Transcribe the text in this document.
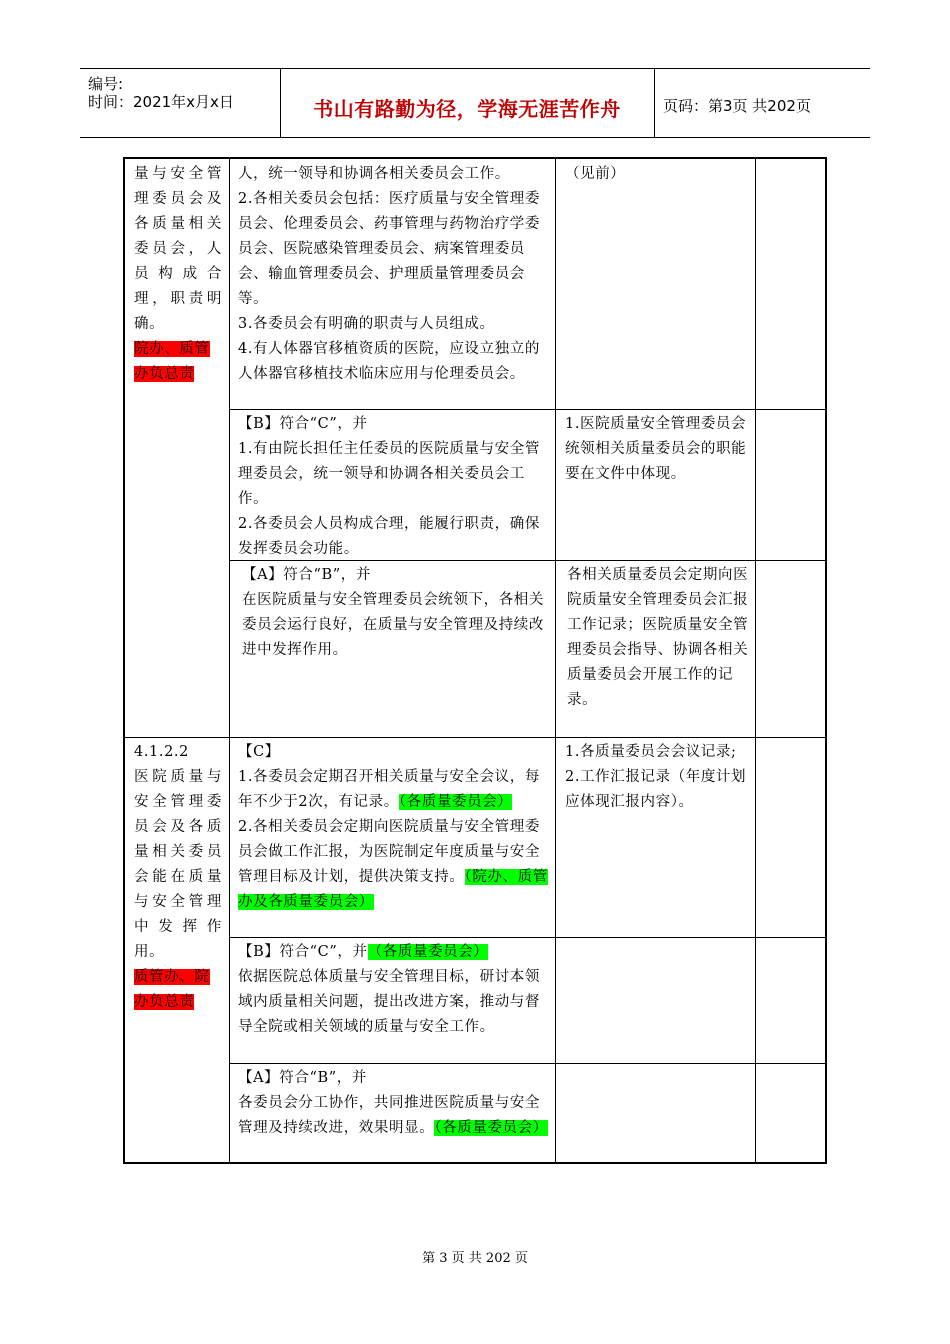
编号:
时间：2021年x月x日	书山有路勤为径，学海无涯苦作舟	页码：第3页 共202页

量与安全管

理委员会及

各质量相关

委员会，人

员构成合

理，职责明

确。

院办、质管

办负总责

人，统一领导和协调各相关委员会工作。

2.各相关委员会包括：医疗质量与安全管理委员会、伦理委员会、药事管理与药物治疗学委员会、医院感染管理委员会、病案管理委员会、输血管理委员会、护理质量管理委员会等。

3.各委员会有明确的职责与人员组成。

4.有人体器官移植资质的医院，应设立独立的人体器官移植技术临床应用与伦理委员会。

（见前）

【B】符合“C”，并

1.有由院长担任主任委员的医院质量与安全管理委员会，统一领导和协调各相关委员会工作。

2.各委员会人员构成合理，能履行职责，确保发挥委员会功能。

1.医院质量安全管理委员会统领相关质量委员会的职能要在文件中体现。

【A】符合“B”，并

在医院质量与安全管理委员会统领下，各相关委员会运行良好，在质量与安全管理及持续改进中发挥作用。

各相关质量委员会定期向医院质量安全管理委员会汇报工作记录；医院质量安全管理委员会指导、协调各相关质量委员会开展工作的记录。

4.1.2.2

医院质量与

安全管理委

员会及各质

量相关委员

会能在质量

与安全管理

中发挥作

用。

质管办、院

办负总责

【C】

1.各委员会定期召开相关质量与安全会议，每年不少于2次，有记录。（各质量委员会）

2.各相关委员会定期向医院质量与安全管理委员会做工作汇报，为医院制定年度质量与安全管理目标及计划，提供决策支持。（院办、质管办及各质量委员会）

1.各质量委员会会议记录;

2.工作汇报记录（年度计划应体现汇报内容）。

【B】符合“C”，并（各质量委员会）

依据医院总体质量与安全管理目标，研讨本领域内质量相关问题，提出改进方案，推动与督导全院或相关领域的质量与安全工作。

【A】符合“B”，并

各委员会分工协作，共同推进医院质量与安全管理及持续改进，效果明显。（各质量委员会）

第 3 页 共 202 页
